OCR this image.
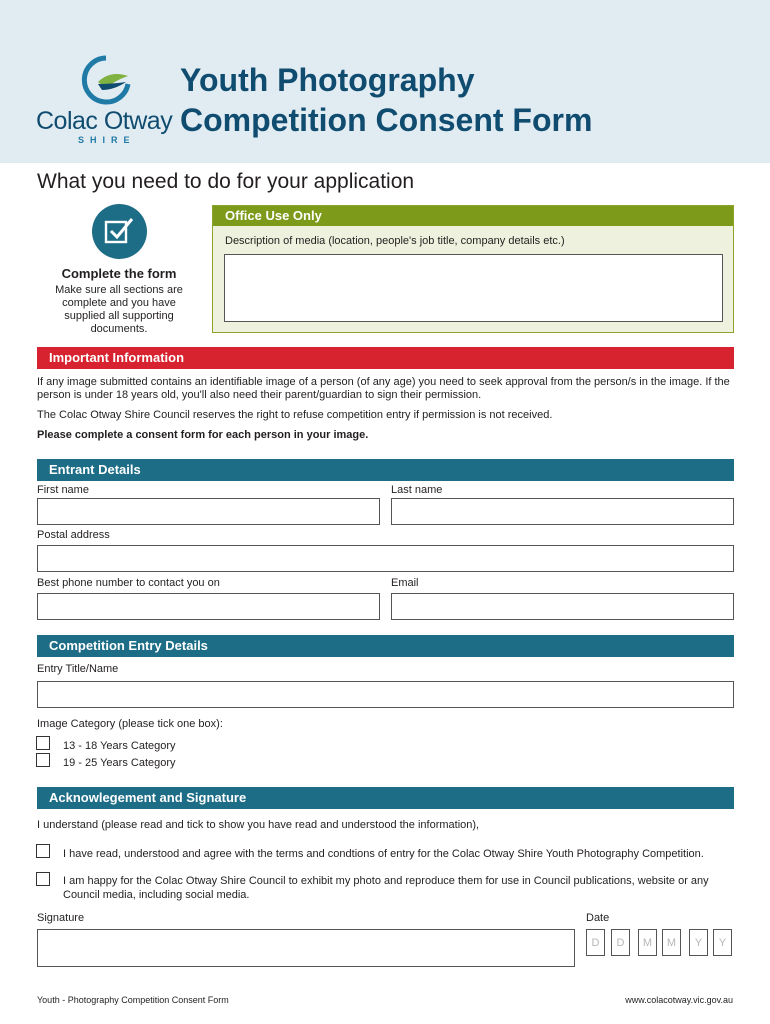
Colac Otway
SHIRE
Youth Photography
Competition Consent Form
What you need to do for your application
Complete the form
Make sure all sections are complete and you have supplied all supporting documents.
Office Use Only
Description of media (location, people's job title, company details etc.)
Important Information
If any image submitted contains an identifiable image of a person (of any age) you need to seek approval from the person/s in the image. If the person is under 18 years old, you'll also need their parent/guardian to sign their permission.
The Colac Otway Shire Council reserves the right to refuse competition entry if permission is not received.
Please complete a consent form for each person in your image.
Entrant Details
First name	Last name
Postal address
Best phone number to contact you on	Email
Competition Entry Details
Entry Title/Name
Image Category (please tick one box):
13 - 18 Years Category
19 - 25 Years Category
Acknowlegement and Signature
I understand (please read and tick to show you have read and understood the information),
I have read, understood and agree with the terms and condtions of entry for the Colac Otway Shire Youth Photography Competition.
I am happy for the Colac Otway Shire Council to exhibit my photo and reproduce them for use in Council publications, website or any Council media, including social media.
Signature	Date
D	D	M	M	Y	Y
Youth - Photography Competition Consent Form	www.colacotway.vic.gov.au
